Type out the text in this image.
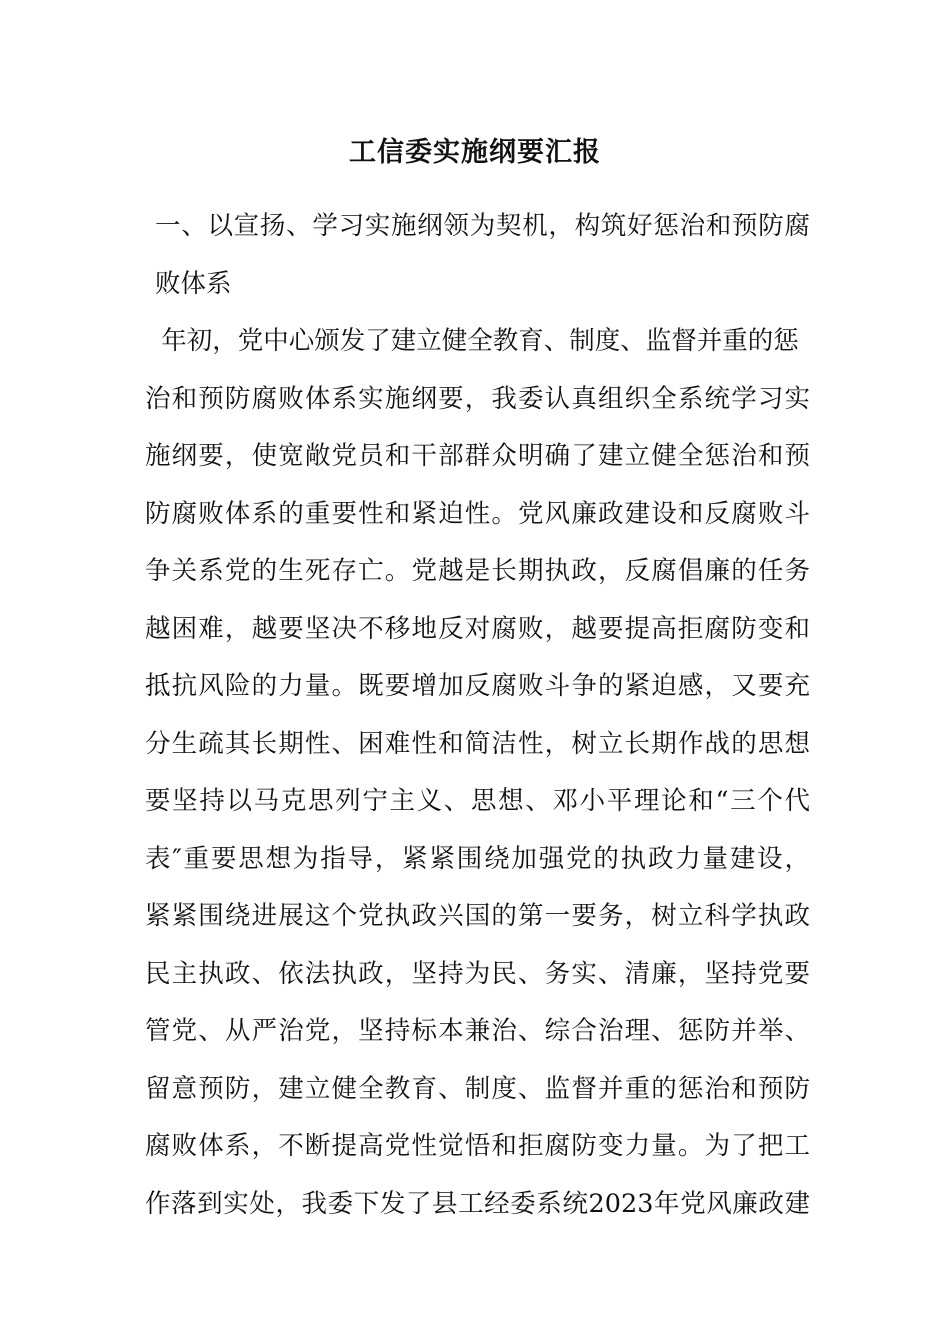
工信委实施纲要汇报
一、以宣扬、学习实施纲领为契机，构筑好惩治和预防腐
败体系
年初，党中心颁发了建立健全教育、制度、监督并重的惩
治和预防腐败体系实施纲要，我委认真组织全系统学习实
施纲要，使宽敞党员和干部群众明确了建立健全惩治和预
防腐败体系的重要性和紧迫性。党风廉政建设和反腐败斗
争关系党的生死存亡。党越是长期执政，反腐倡廉的任务
越困难，越要坚决不移地反对腐败，越要提高拒腐防变和
抵抗风险的力量。既要增加反腐败斗争的紧迫感，又要充
分生疏其长期性、困难性和简洁性，树立长期作战的思想
要坚持以马克思列宁主义、思想、邓小平理论和“三个代
表″重要思想为指导，紧紧围绕加强党的执政力量建设，
紧紧围绕进展这个党执政兴国的第一要务，树立科学执政
民主执政、依法执政，坚持为民、务实、清廉，坚持党要
管党、从严治党，坚持标本兼治、综合治理、惩防并举、
留意预防，建立健全教育、制度、监督并重的惩治和预防
腐败体系，不断提高党性觉悟和拒腐防变力量。为了把工
作落到实处，我委下发了县工经委系统2023年党风廉政建
